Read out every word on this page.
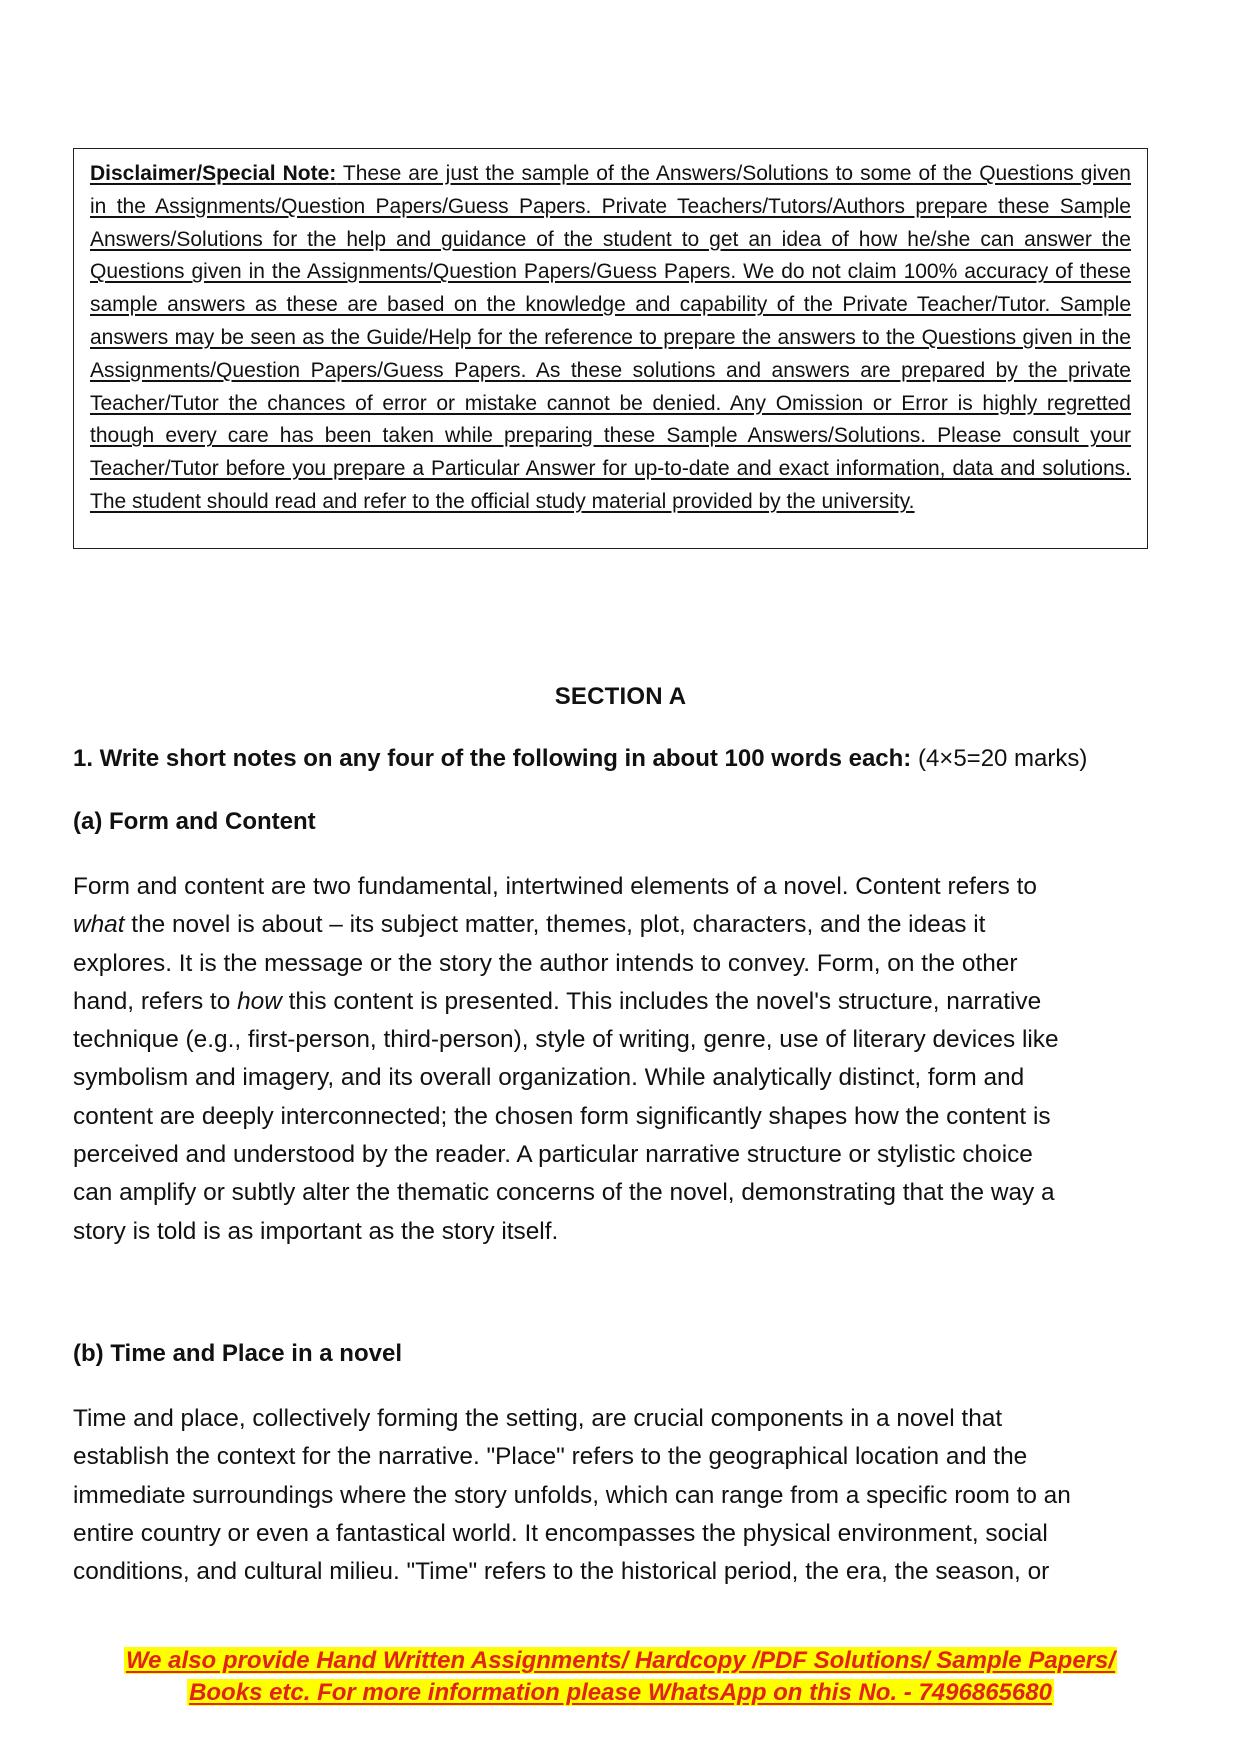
Disclaimer/Special Note: These are just the sample of the Answers/Solutions to some of the Questions given in the Assignments/Question Papers/Guess Papers. Private Teachers/Tutors/Authors prepare these Sample Answers/Solutions for the help and guidance of the student to get an idea of how he/she can answer the Questions given in the Assignments/Question Papers/Guess Papers. We do not claim 100% accuracy of these sample answers as these are based on the knowledge and capability of the Private Teacher/Tutor. Sample answers may be seen as the Guide/Help for the reference to prepare the answers to the Questions given in the Assignments/Question Papers/Guess Papers. As these solutions and answers are prepared by the private Teacher/Tutor the chances of error or mistake cannot be denied. Any Omission or Error is highly regretted though every care has been taken while preparing these Sample Answers/Solutions. Please consult your Teacher/Tutor before you prepare a Particular Answer for up-to-date and exact information, data and solutions. The student should read and refer to the official study material provided by the university.

SECTION A
1. Write short notes on any four of the following in about 100 words each: (4×5=20 marks)
(a) Form and Content
Form and content are two fundamental, intertwined elements of a novel. Content refers to
what the novel is about – its subject matter, themes, plot, characters, and the ideas it
explores. It is the message or the story the author intends to convey. Form, on the other
hand, refers to how this content is presented. This includes the novel's structure, narrative
technique (e.g., first-person, third-person), style of writing, genre, use of literary devices like
symbolism and imagery, and its overall organization. While analytically distinct, form and
content are deeply interconnected; the chosen form significantly shapes how the content is
perceived and understood by the reader. A particular narrative structure or stylistic choice
can amplify or subtly alter the thematic concerns of the novel, demonstrating that the way a
story is told is as important as the story itself.
(b) Time and Place in a novel
Time and place, collectively forming the setting, are crucial components in a novel that
establish the context for the narrative. "Place" refers to the geographical location and the
immediate surroundings where the story unfolds, which can range from a specific room to an
entire country or even a fantastical world. It encompasses the physical environment, social
conditions, and cultural milieu. "Time" refers to the historical period, the era, the season, or
We also provide Hand Written Assignments/ Hardcopy /PDF Solutions/ Sample Papers/
Books etc. For more information please WhatsApp on this No. - 7496865680
